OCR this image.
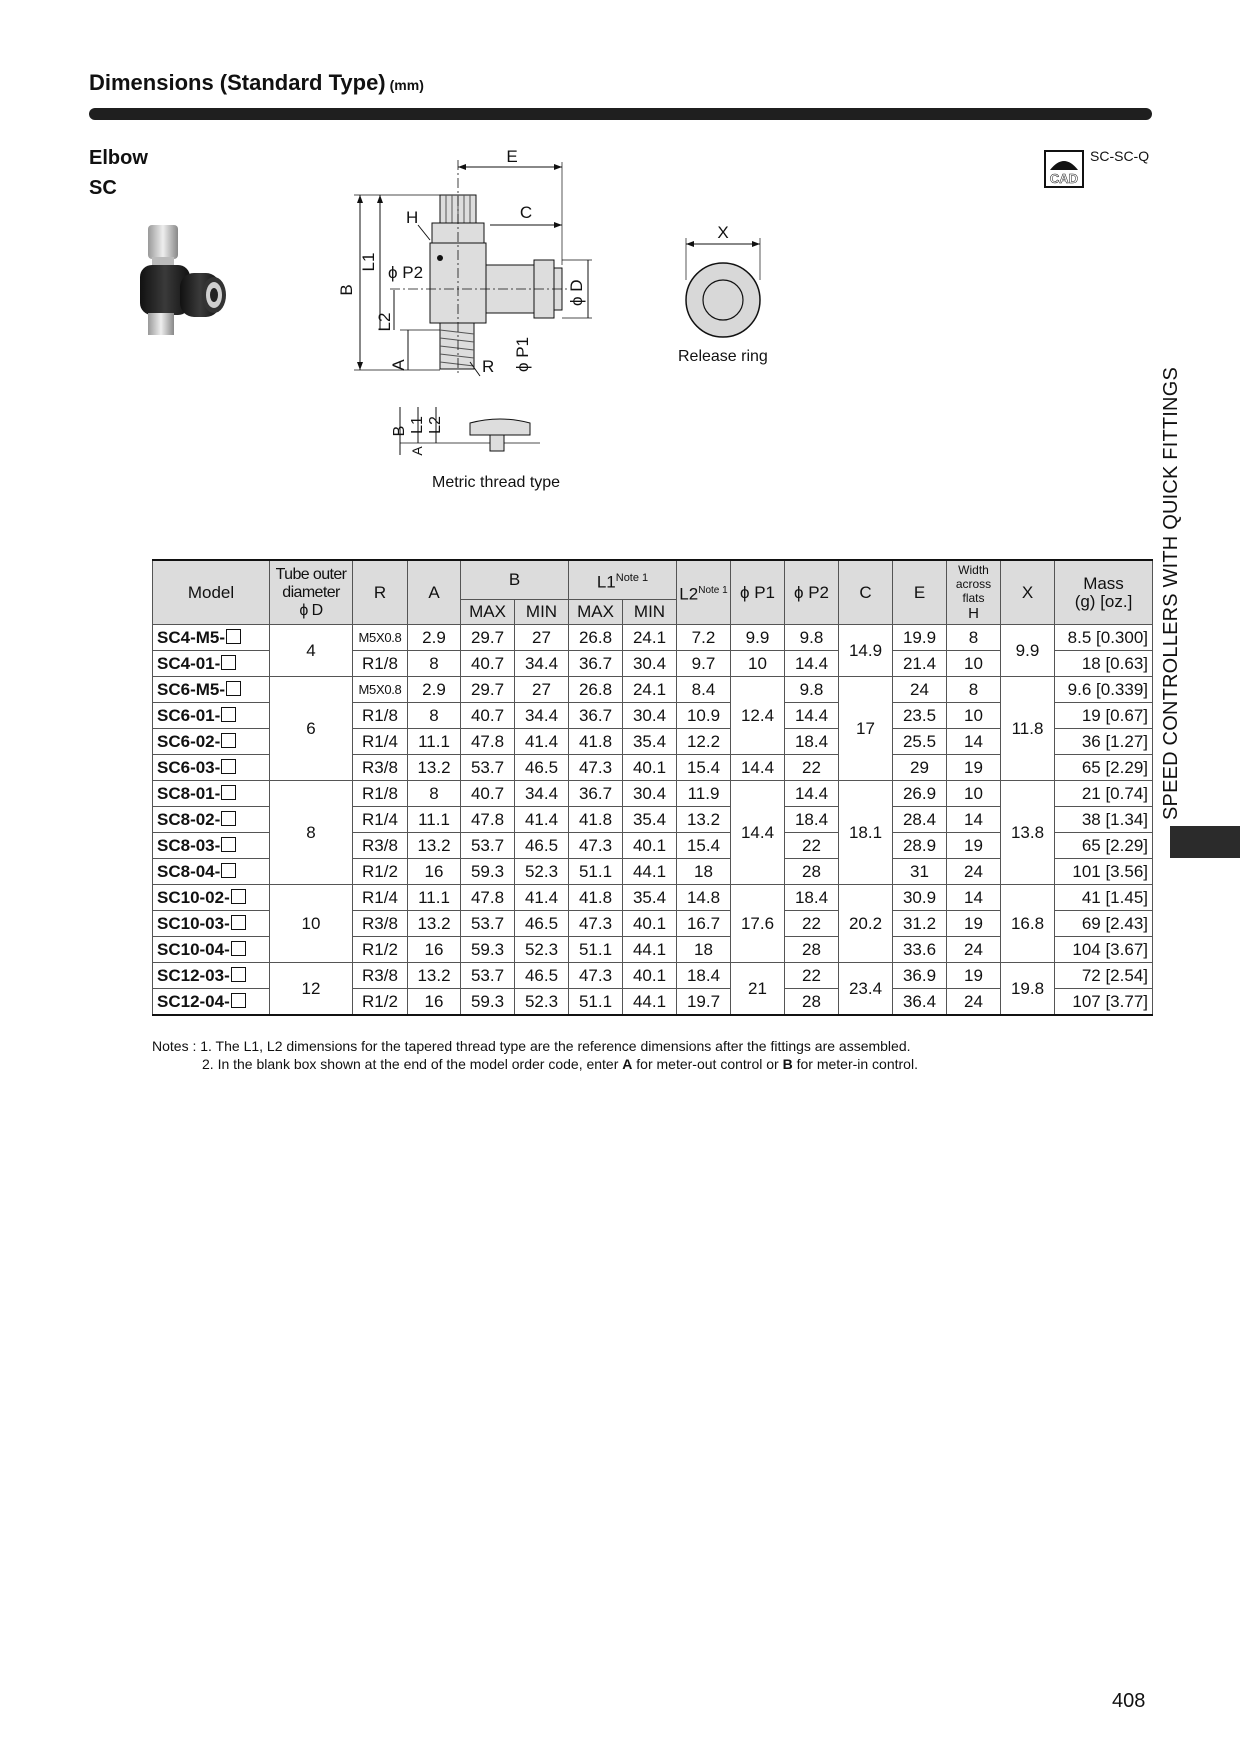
Dimensions (Standard Type) (mm)
Elbow
SC	CAD
SC-SC-Q
E
C
H
B
L1
ϕ P2
L2
A	R ϕ P1
ϕ D
X
Release ring
B L1 L2
A
Metric thread type	SPEED CONTROLLERS WITH QUICK FITTINGS
Model	Tube outer
diameter
ϕ D	R	A	B		$L1^{Note 1}$		L2$^{Note 1}$	ϕ P1	ϕ P2	C	E	Width
across
flats
H	X	Mass
(g) [oz.]

				MAX	MIN	MAX	MIN								
SC4-M5-	4	M5X0.8	2.9	29.7	27	26.8	24.1	7.2	9.9	9.8	14.9	19.9	8	9.9	8.5 [0.300]
SC4-01-		R1/8	8	40.7	34.4	36.7	30.4	9.7	10	14.4		21.4	10		18 [0.63]
SC6-M5-	6	M5X0.8	2.9	29.7	27	26.8	24.1	8.4	12.4	9.8	17	24	8	11.8	9.6 [0.339]
SC6-01-		R1/8	8	40.7	34.4	36.7	30.4	10.9		14.4		23.5	10		19 [0.67]
SC6-02-		R1/4	11.1	47.8	41.4	41.8	35.4	12.2		18.4		25.5	14		36 [1.27]
SC6-03-		R3/8	13.2	53.7	46.5	47.3	40.1	15.4	14.4	22		29	19		65 [2.29]
SC8-01-	8	R1/8	8	40.7	34.4	36.7	30.4	11.9	14.4	14.4	18.1	26.9	10	13.8	21 [0.74]
SC8-02-		R1/4	11.1	47.8	41.4	41.8	35.4	13.2		18.4		28.4	14		38 [1.34]
SC8-03-		R3/8	13.2	53.7	46.5	47.3	40.1	15.4		22		28.9	19		65 [2.29]
SC8-04-		R1/2	16	59.3	52.3	51.1	44.1	18		28		31	24		101 [3.56]
SC10-02-	10	R1/4	11.1	47.8	41.4	41.8	35.4	14.8	17.6	18.4	20.2	30.9	14	16.8	41 [1.45]
SC10-03-		R3/8	13.2	53.7	46.5	47.3	40.1	16.7		22		31.2	19		69 [2.43]
SC10-04-		R1/2	16	59.3	52.3	51.1	44.1	18		28		33.6	24		104 [3.67]
SC12-03-	12	R3/8	13.2	53.7	46.5	47.3	40.1	18.4	21	22	23.4	36.9	19	19.8	72 [2.54]
SC12-04-		R1/2	16	59.3	52.3	51.1	44.1	19.7		28		36.4	24		107 [3.77]
Notes : 1. The L1, L2 dimensions for the tapered thread type are the reference dimensions after the fittings are assembled.
2. In the blank box shown at the end of the model order code, enter A for meter-out control or B for meter-in control.
408
